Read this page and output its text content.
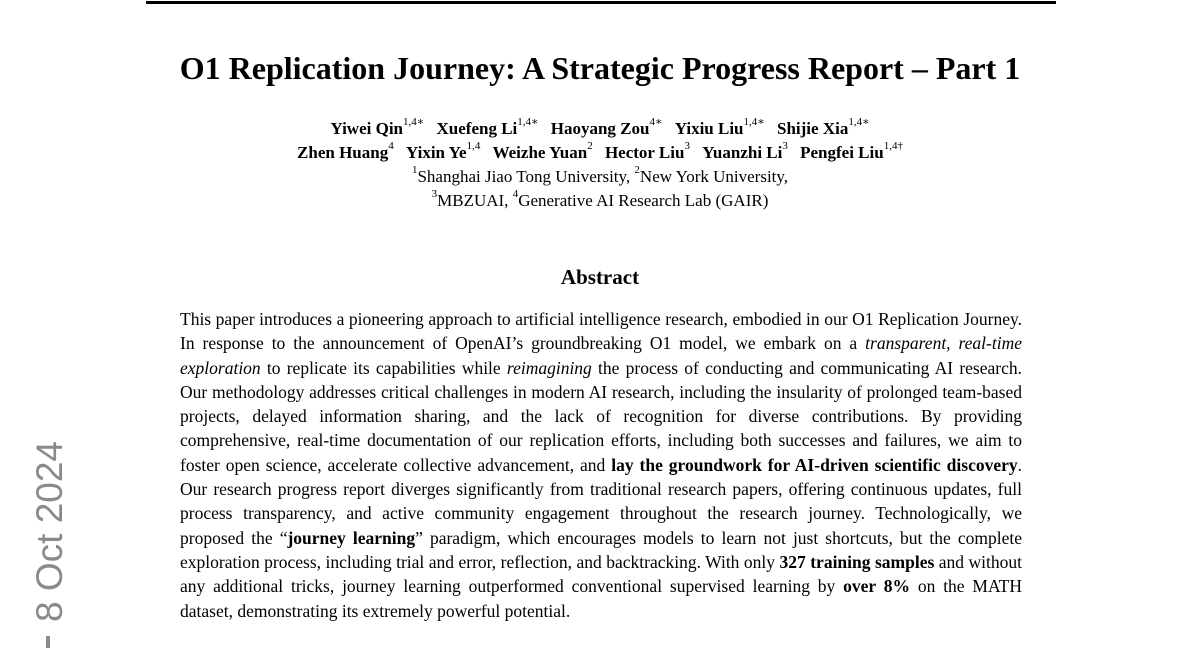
O1 Replication Journey: A Strategic Progress Report – Part 1
Yiwei Qin$^{1,4∗}$ Xuefeng $Li^{1,4∗}$ Haoyang Zou$^{4∗}$ Yixiu Liu$^{1,4∗}$ Shijie Xia$^{1,4∗}$
Zhen Huang$^4$ Yixin Ye$^{1,4}$ Weizhe Yuan$^2$ Hector Liu$^3$ Yuanzhi Li$^3$ Pengfei Liu$^{1,4\dagger}$
$^1$Shanghai Jiao Tong University, $^2$New York University,
$^3$MBZUAI, $^4$Generative AI Research Lab (GAIR)
Abstract

This paper introduces a pioneering approach to artificial intelligence research, embodied in our O1 Replication Journey. In response to the announcement of OpenAI’s groundbreaking O1 model, we embark on a transparent, real-time exploration to replicate its capabilities while reimagining the process of conducting and communicating AI research. Our methodology addresses critical challenges in modern AI research, including the insularity of prolonged team-based projects, delayed information sharing, and the lack of recognition for diverse contributions. By providing comprehensive, real-time documentation of our replication efforts, including both successes and failures, we aim to foster open science, accelerate collective advancement, and lay the groundwork for AI-driven scientific discovery. Our research progress report diverges significantly from traditional research papers, offering continuous updates, full process transparency, and active community engagement throughout the research journey. Technologically, we proposed the “journey learning” paradigm, which encourages models to learn not just shortcuts, but the complete exploration process, including trial and error, reflection, and backtracking. With only 327 training samples and without any additional tricks, journey learning outperformed conventional supervised learning by over 8% on the MATH dataset, demonstrating its extremely powerful potential.

8 Oct 2024
